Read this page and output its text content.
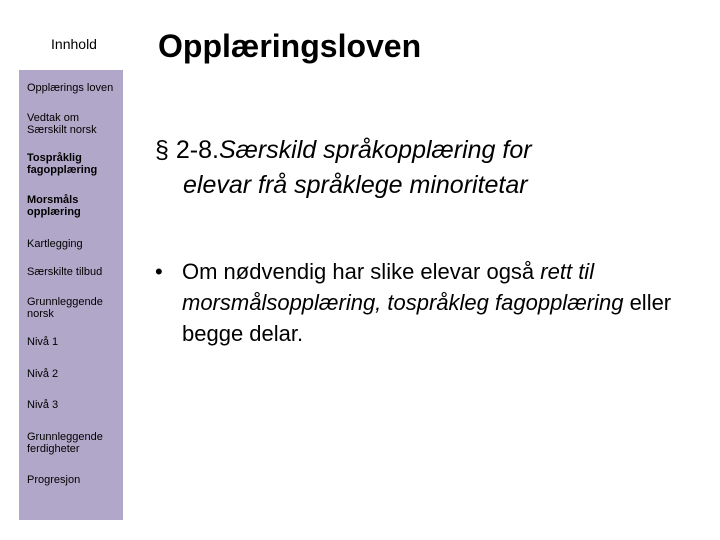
Innhold
Opplærings loven
Vedtak om Særskilt norsk
Tospråklig fagopplæring
Morsmåls opplæring
Kartlegging
Særskilte tilbud
Grunnleggende norsk
Nivå 1
Nivå 2
Nivå 3
Grunnleggende ferdigheter
Progresjon
Opplæringsloven
§ 2-8.Særskild språkopplæring for
elevar frå språklege minoritetar
• Om nødvendig har slike elevar også rett til morsmålsopplæring, tospråkleg fagopplæring eller begge delar.
